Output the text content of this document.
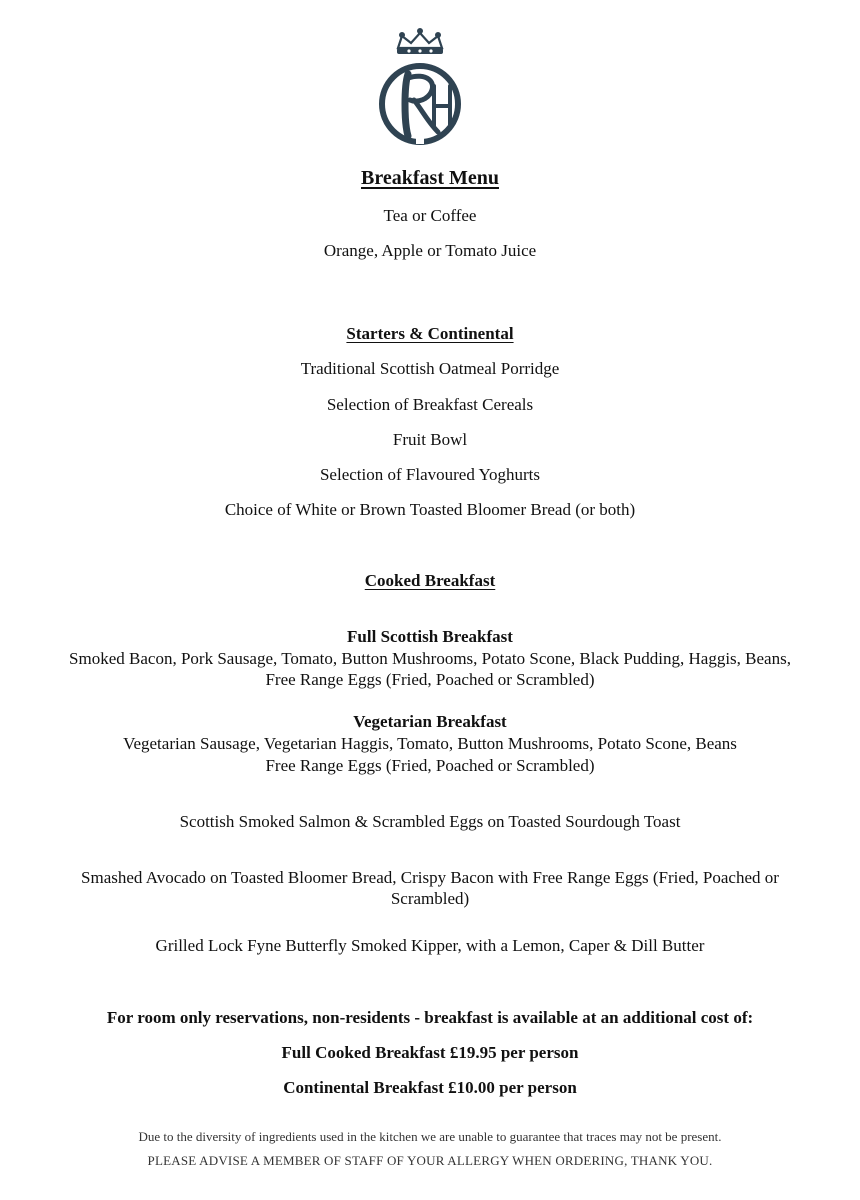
Breakfast Menu
Tea or Coffee
Orange, Apple or Tomato Juice
Starters & Continental
Traditional Scottish Oatmeal Porridge
Selection of Breakfast Cereals
Fruit Bowl
Selection of Flavoured Yoghurts
Choice of White or Brown Toasted Bloomer Bread (or both)
Cooked Breakfast
Full Scottish Breakfast
Smoked Bacon, Pork Sausage, Tomato, Button Mushrooms, Potato Scone, Black Pudding, Haggis, Beans,
Free Range Eggs (Fried, Poached or Scrambled)
Vegetarian Breakfast
Vegetarian Sausage, Vegetarian Haggis, Tomato, Button Mushrooms, Potato Scone, Beans
Free Range Eggs (Fried, Poached or Scrambled)
Scottish Smoked Salmon & Scrambled Eggs on Toasted Sourdough Toast
Smashed Avocado on Toasted Bloomer Bread, Crispy Bacon with Free Range Eggs (Fried, Poached or
Scrambled)
Grilled Lock Fyne Butterfly Smoked Kipper, with a Lemon, Caper & Dill Butter
For room only reservations, non-residents - breakfast is available at an additional cost of:
Full Cooked Breakfast £19.95 per person
Continental Breakfast £10.00 per person
Due to the diversity of ingredients used in the kitchen we are unable to guarantee that traces may not be present.
PLEASE ADVISE A MEMBER OF STAFF OF YOUR ALLERGY WHEN ORDERING, THANK YOU.
